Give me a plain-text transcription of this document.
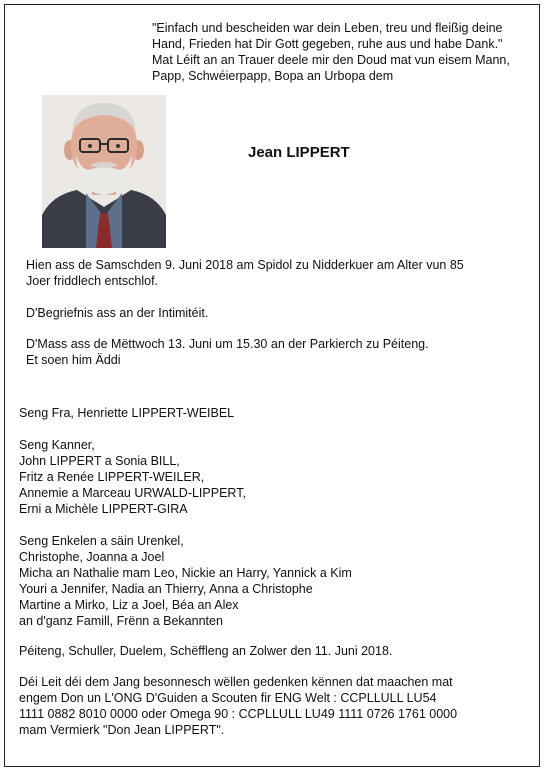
"Einfach und bescheiden war dein Leben, treu und fleißig deine
Hand, Frieden hat Dir Gott gegeben, ruhe aus und habe Dank."
Mat Léift an an Trauer deele mir den Doud mat vun eisem Mann,
Papp, Schwéierpapp, Bopa an Urbopa dem
Jean LIPPERT
Hien ass de Samschden 9. Juni 2018 am Spidol zu Nidderkuer am Alter vun 85
Joer friddlech entschlof.
D'Begriefnis ass an der Intimitéit.
D'Mass ass de Mëttwoch 13. Juni um 15.30 an der Parkierch zu Péiteng.
Et soen him Äddi
Seng Fra, Henriette LIPPERT-WEIBEL
Seng Kanner,
John LIPPERT a Sonia BILL,
Fritz a Renée LIPPERT-WEILER,
Annemie a Marceau URWALD-LIPPERT,
Erni a Michèle LIPPERT-GIRA
Seng Enkelen a säin Urenkel,
Christophe, Joanna a Joel
Micha an Nathalie mam Leo, Nickie an Harry, Yannick a Kim
Youri a Jennifer, Nadia an Thierry, Anna a Christophe
Martine a Mirko, Liz a Joel, Béa an Alex
an d'ganz Famill, Frënn a Bekannten
Péiteng, Schuller, Duelem, Schëffleng an Zolwer den 11. Juni 2018.
Déi Leit déi dem Jang besonnesch wëllen gedenken kënnen dat maachen mat
engem Don un L'ONG D'Guiden a Scouten fir ENG Welt : CCPLLULL LU54
1111 0882 8010 0000 oder Omega 90 : CCPLLULL LU49 1111 0726 1761 0000
mam Vermierk "Don Jean LIPPERT".
